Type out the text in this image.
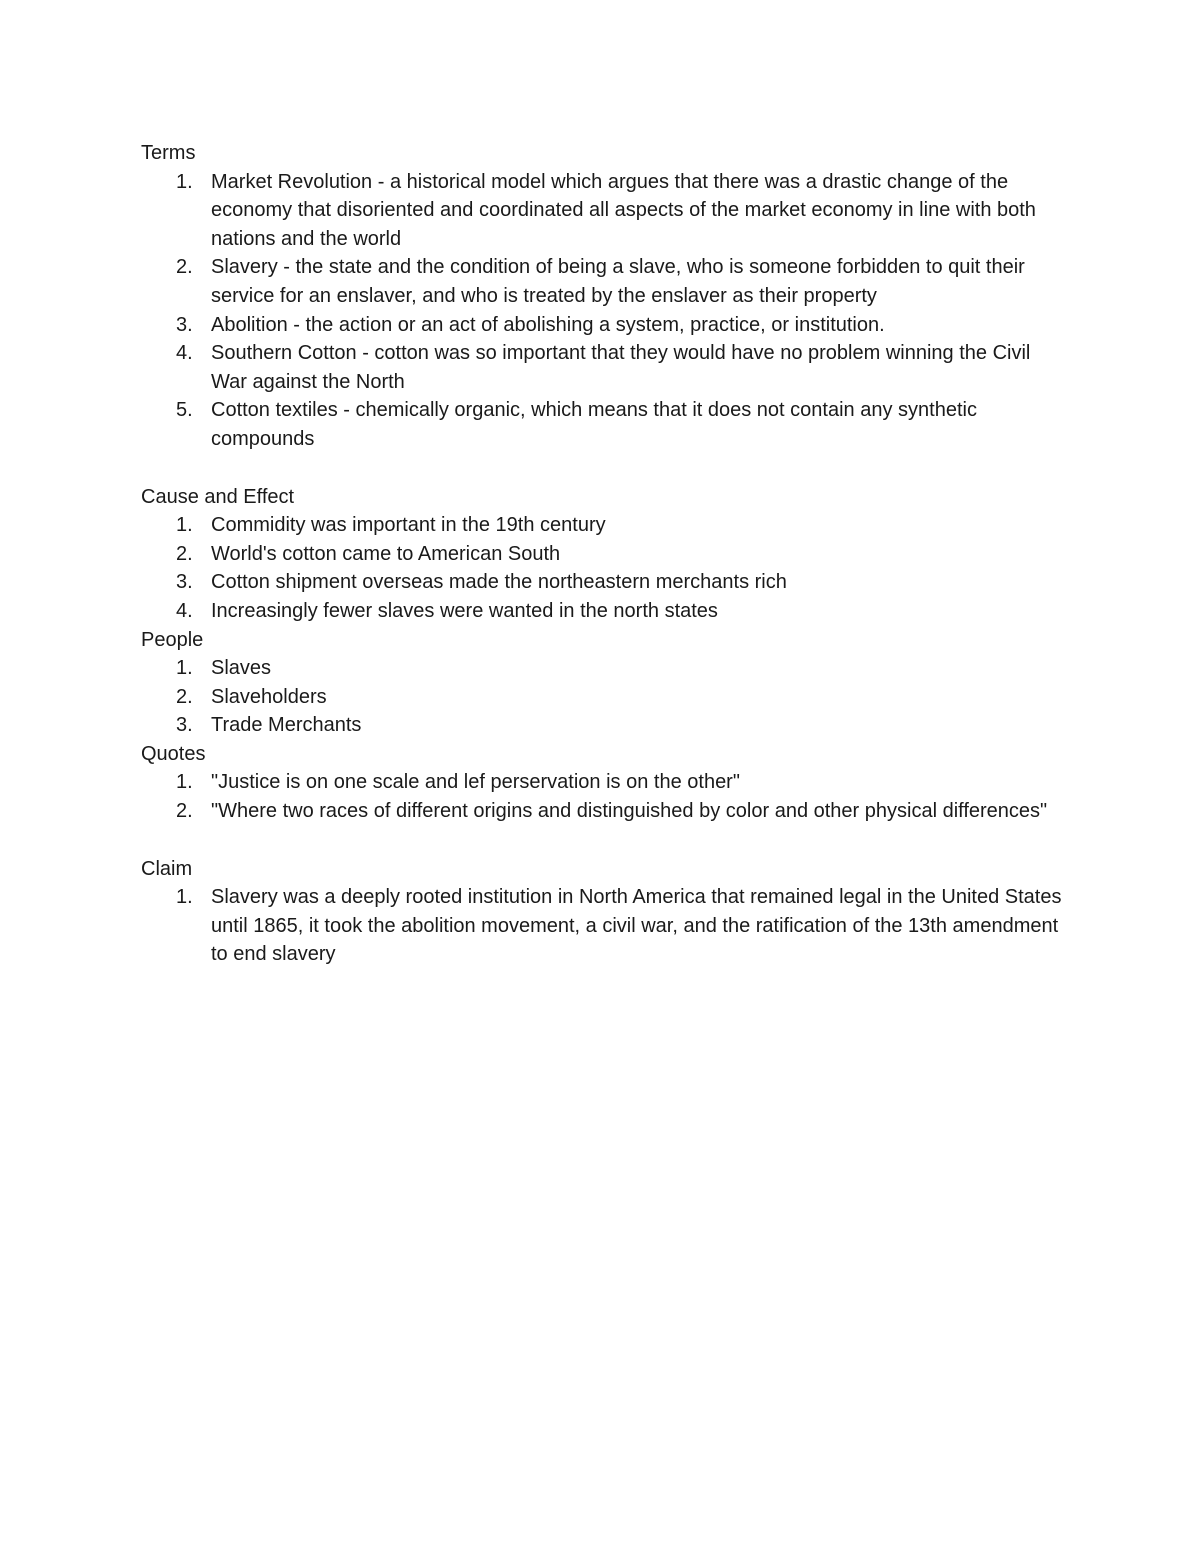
Terms

1. Market Revolution - a historical model which argues that there was a drastic change of the economy that disoriented and coordinated all aspects of the market economy in line with both nations and the world
2. Slavery - the state and the condition of being a slave, who is someone forbidden to quit their service for an enslaver, and who is treated by the enslaver as their property
3. Abolition - the action or an act of abolishing a system, practice, or institution.
4. Southern Cotton - cotton was so important that they would have no problem winning the Civil War against the North
5. Cotton textiles - chemically organic, which means that it does not contain any synthetic compounds

Cause and Effect

1. Commidity was important in the 19th century
2. World's cotton came to American South
3. Cotton shipment overseas made the northeastern merchants rich
4. Increasingly fewer slaves were wanted in the north states

People

1. Slaves
2. Slaveholders
3. Trade Merchants

Quotes

1. "Justice is on one scale and lef perservation is on the other"
2. "Where two races of different origins and distinguished by color and other physical differences"

Claim

1. Slavery was a deeply rooted institution in North America that remained legal in the United States until 1865, it took the abolition movement, a civil war, and the ratification of the 13th amendment to end slavery
